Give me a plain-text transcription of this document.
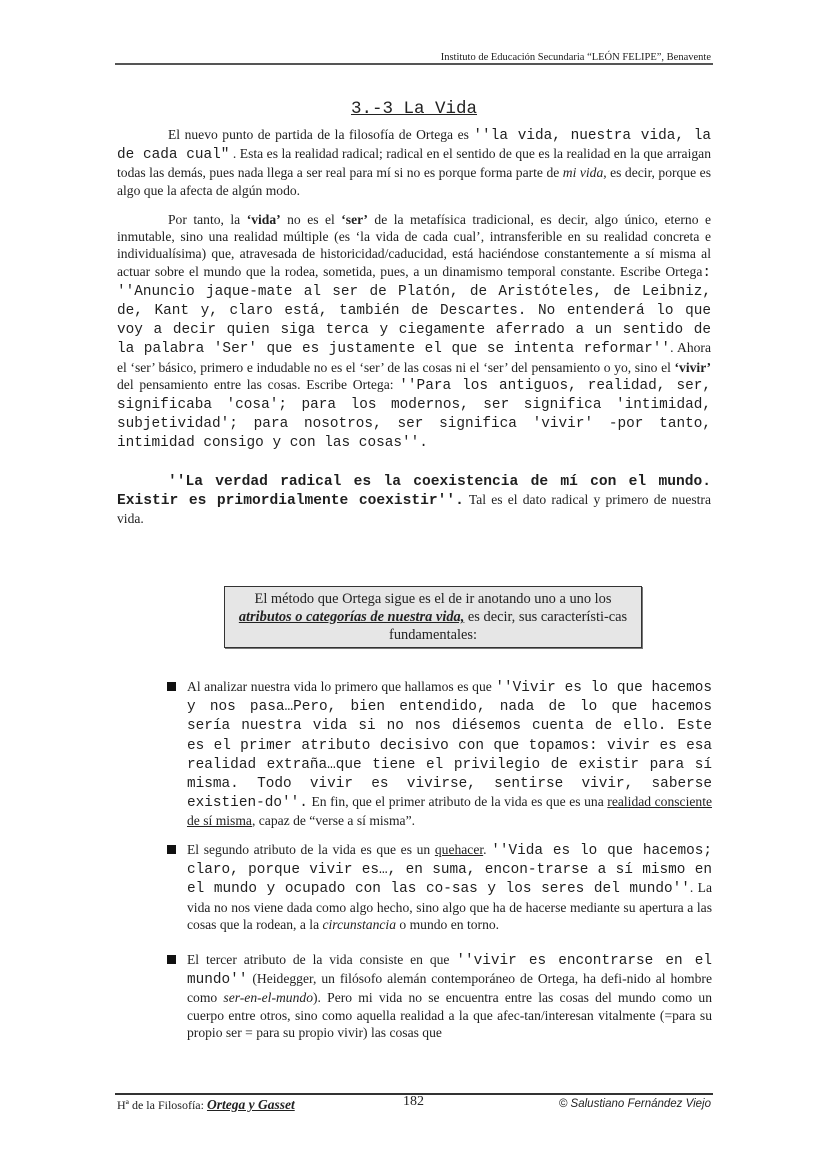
Instituto de Educación Secundaria “LEÓN FELIPE”, Benavente
3.-3 La Vida
El nuevo punto de partida de la filosofía de Ortega es ''la vida, nuestra vida, la de cada cual" . Esta es la realidad radical; radical en el sentido de que es la realidad en la que arraigan todas las demás, pues nada llega a ser real para mí si no es porque forma parte de mi vida, es decir, porque es algo que la afecta de algún modo.
Por tanto, la ‘vida’ no es el ‘ser’ de la metafísica tradicional, es decir, algo único, eterno e inmutable, sino una realidad múltiple (es ‘la vida de cada cual’, intransferible en su realidad concreta e individualísima) que, atravesada de historicidad/caducidad, está haciéndose constantemente a sí misma al actuar sobre el mundo que la rodea, sometida, pues, a un dinamismo temporal constante. Escribe Ortega: ''Anuncio jaque-mate al ser de Platón, de Aristóteles, de Leibniz, de, Kant y, claro está, también de Descartes. No entenderá lo que voy a decir quien siga terca y ciegamente aferrado a un sentido de la palabra 'Ser' que es justamente el que se intenta reformar''. Ahora el ‘ser’ básico, primero e indudable no es el ‘ser’ de las cosas ni el ‘ser’ del pensamiento o yo, sino el ‘vivir’ del pensamiento entre las cosas. Escribe Ortega: ''Para los antiguos, realidad, ser, significaba 'cosa'; para los modernos, ser significa 'intimidad, subjetividad'; para nosotros, ser significa 'vivir' -por tanto, intimidad consigo y con las cosas''.
''La verdad radical es la coexistencia de mí con el mundo. Existir es primordialmente coexistir''. Tal es el dato radical y primero de nuestra vida.
El método que Ortega sigue es el de ir anotando uno a uno los atributos o categorías de nuestra vida, es decir, sus característi-cas fundamentales:
Al analizar nuestra vida lo primero que hallamos es que ''Vivir es lo que hacemos y nos pasa…Pero, bien entendido, nada de lo que hacemos sería nuestra vida si no nos diésemos cuenta de ello. Este es el primer atributo decisivo con que topamos: vivir es esa realidad extraña…que tiene el privilegio de existir para sí misma. Todo vivir es vivirse, sentirse vivir, saberse existien-do''. En fin, que el primer atributo de la vida es que es una realidad consciente de sí misma, capaz de “verse a sí misma”.
El segundo atributo de la vida es que es un quehacer. ''Vida es lo que hacemos; claro, porque vivir es…, en suma, encon-trarse a sí mismo en el mundo y ocupado con las co-sas y los seres del mundo''. La vida no nos viene dada como algo hecho, sino algo que ha de hacerse mediante su apertura a las cosas que la rodean, a la circunstancia o mundo en torno.
El tercer atributo de la vida consiste en que ''vivir es encontrarse en el mundo'' (Heidegger, un filósofo alemán contemporáneo de Ortega, ha defi-nido al hombre como ser-en-el-mundo). Pero mi vida no se encuentra entre las cosas del mundo como un cuerpo entre otros, sino como aquella realidad a la que afec-tan/interesan vitalmente (=para su propio ser = para su propio vivir) las cosas que
Hª de la Filosofía: Ortega y Gasset	182	© Salustiano Fernández Viejo
